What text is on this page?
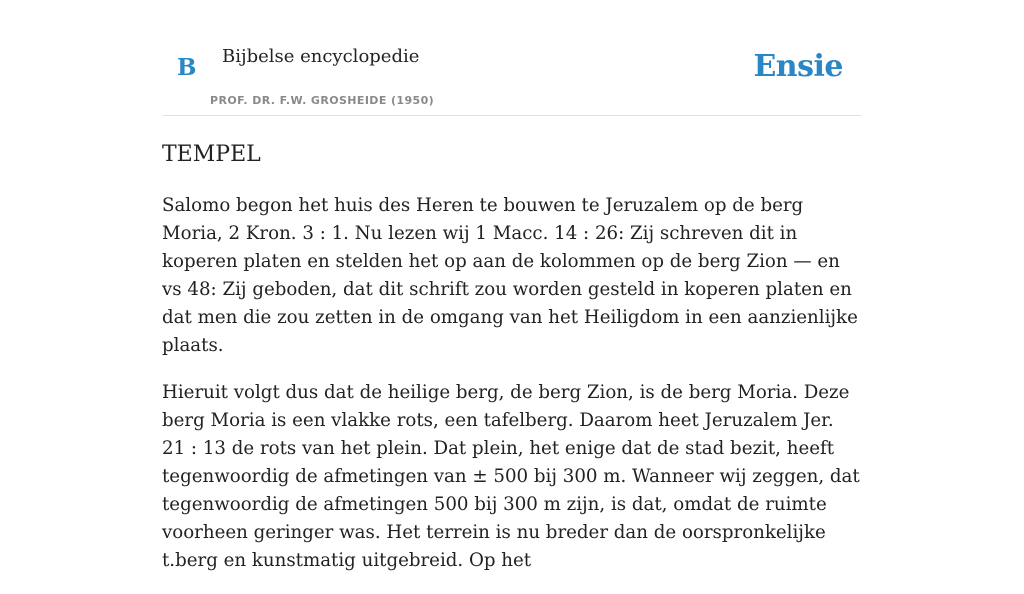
B Bijbelse encyclopedie
PROF. DR. F.W. GROSHEIDE (1950)
Ensie
TEMPEL

Salomo begon het huis des Heren te bouwen te Jeruzalem op de berg Moria, 2 Kron. 3 : 1. Nu lezen wij 1 Macc. 14 : 26: Zij schreven dit in koperen platen en stelden het op aan de kolommen op de berg Zion — en vs 48: Zij geboden, dat dit schrift zou worden gesteld in koperen platen en dat men die zou zetten in de omgang van het Heiligdom in een aanzienlijke plaats.

Hieruit volgt dus dat de heilige berg, de berg Zion, is de berg Moria. Deze berg Moria is een vlakke rots, een tafelberg. Daarom heet Jeruzalem Jer. 21 : 13 de rots van het plein. Dat plein, het enige dat de stad bezit, heeft tegenwoordig de afmetingen van ± 500 bij 300 m. Wanneer wij zeggen, dat tegenwoordig de afmetingen 500 bij 300 m zijn, is dat, omdat de ruimte voorheen geringer was. Het terrein is nu breder dan de oorspronkelijke t.berg en kunstmatig uitgebreid. Op het
